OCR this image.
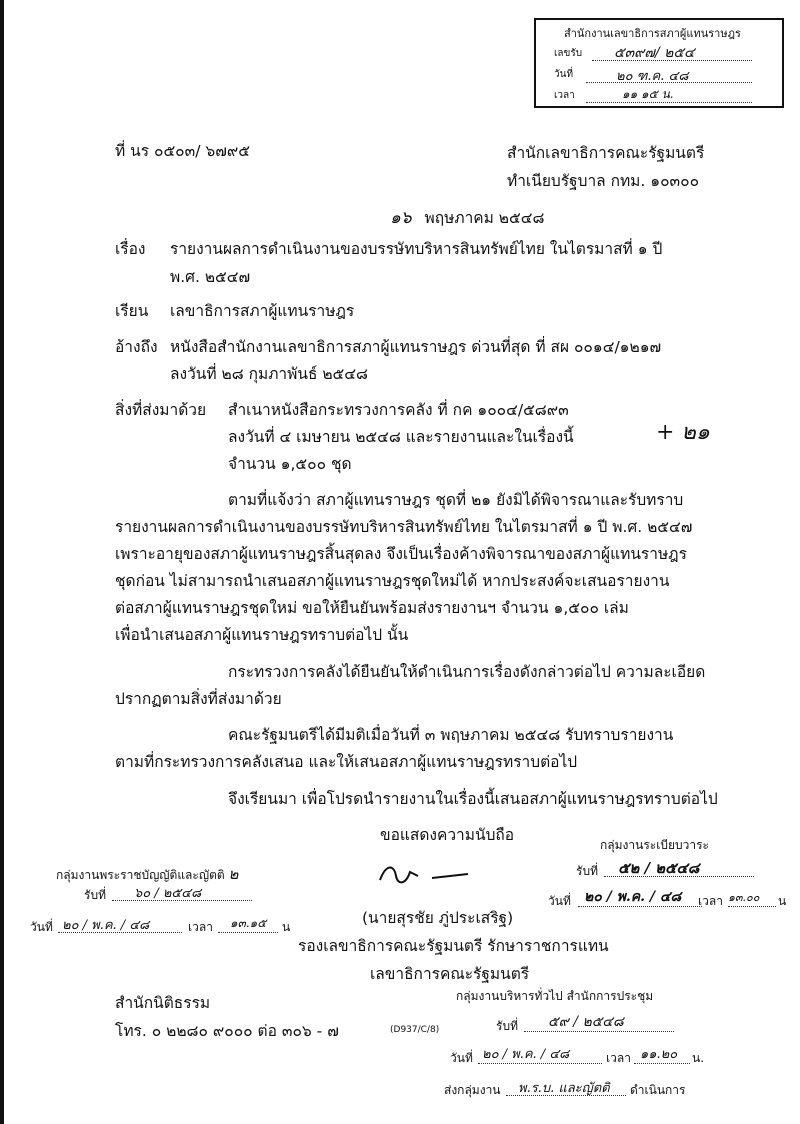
สำนักงานเลขาธิการสภาผู้แทนราษฎร
เลขรับ ๕๓๙๗/ ๒๕๔
วันที่	๒๐ ฑ.ค. ๔๘
เวลา	๑๑ ๑๕ น.
ที่ นร ๐๕๐๓/ ๖๗๙๕	สำนักเลขาธิการคณะรัฐมนตรี
ทำเนียบรัฐบาล กทม. ๑๐๓๐๐
๑๖ พฤษภาคม ๒๕๔๘
เรื่อง รายงานผลการดำเนินงานของบรรษัทบริหารสินทรัพย์ไทย ในไตรมาสที่ ๑ ปี
พ.ศ. ๒๕๔๗
เรียน เลขาธิการสภาผู้แทนราษฎร
อ้างถึง หนังสือสำนักงานเลขาธิการสภาผู้แทนราษฎร ด่วนที่สุด ที่ สผ ๐๐๑๔/๑๒๑๗
ลงวันที่ ๒๘ กุมภาพันธ์ ๒๕๔๘
สิ่งที่ส่งมาด้วย สำเนาหนังสือกระทรวงการคลัง ที่ กค ๑๐๐๔/๕๘๙๓
ลงวันที่ ๔ เมษายน ๒๕๔๘ และรายงานและในเรื่องนี้
จำนวน ๑,๕๐๐ ชุด
+ ๒๑
ตามที่แจ้งว่า สภาผู้แทนราษฎร ชุดที่ ๒๑ ยังมิได้พิจารณาและรับทราบ
รายงานผลการดำเนินงานของบรรษัทบริหารสินทรัพย์ไทย ในไตรมาสที่ ๑ ปี พ.ศ. ๒๕๔๗
เพราะอายุของสภาผู้แทนราษฎรสิ้นสุดลง จึงเป็นเรื่องค้างพิจารณาของสภาผู้แทนราษฎร
ชุดก่อน ไม่สามารถนำเสนอสภาผู้แทนราษฎรชุดใหม่ได้ หากประสงค์จะเสนอรายงาน
ต่อสภาผู้แทนราษฎรชุดใหม่ ขอให้ยืนยันพร้อมส่งรายงานฯ จำนวน ๑,๕๐๐ เล่ม
เพื่อนำเสนอสภาผู้แทนราษฎรทราบต่อไป นั้น
กระทรวงการคลังได้ยืนยันให้ดำเนินการเรื่องดังกล่าวต่อไป ความละเอียด
ปรากฏตามสิ่งที่ส่งมาด้วย
คณะรัฐมนตรีได้มีมติเมื่อวันที่ ๓ พฤษภาคม ๒๕๔๘ รับทราบรายงาน
ตามที่กระทรวงการคลังเสนอ และให้เสนอสภาผู้แทนราษฎรทราบต่อไป
จึงเรียนมา เพื่อโปรดนำรายงานในเรื่องนี้เสนอสภาผู้แทนราษฎรทราบต่อไป
ขอแสดงความนับถือ
(นายสุรชัย ภู่ประเสริฐ)
รองเลขาธิการคณะรัฐมนตรี รักษาราชการแทน
เลขาธิการคณะรัฐมนตรี
กลุ่มงานพระราชบัญญัติและญัตติ ๒
รับที่ ๖๐ / ๒๕๔๘
วันที่ ๒๐ / พ.ค. / ๔๘	เวลา ๑๓.๑๕ น
กลุ่มงานระเบียบวาระ
รับที่ ๕๒ / ๒๕๔๘
วันที่ ๒๐ / พ.ค. / ๔๘ เวลา ๑๓.๐๐ น
สำนักนิติธรรม
โทร. ๐ ๒๒๘๐ ๙๐๐๐ ต่อ ๓๐๖ - ๗	(D937/C/8)
กลุ่มงานบริหารทั่วไป สำนักการประชุม
รับที่ ๕๙ / ๒๕๔๘
วันที่ ๒๐ / พ.ค. / ๔๘	เวลา ๑๑.๒๐ น.
ส่งกลุ่มงาน พ.ร.บ. และญัตติ ดำเนินการ
